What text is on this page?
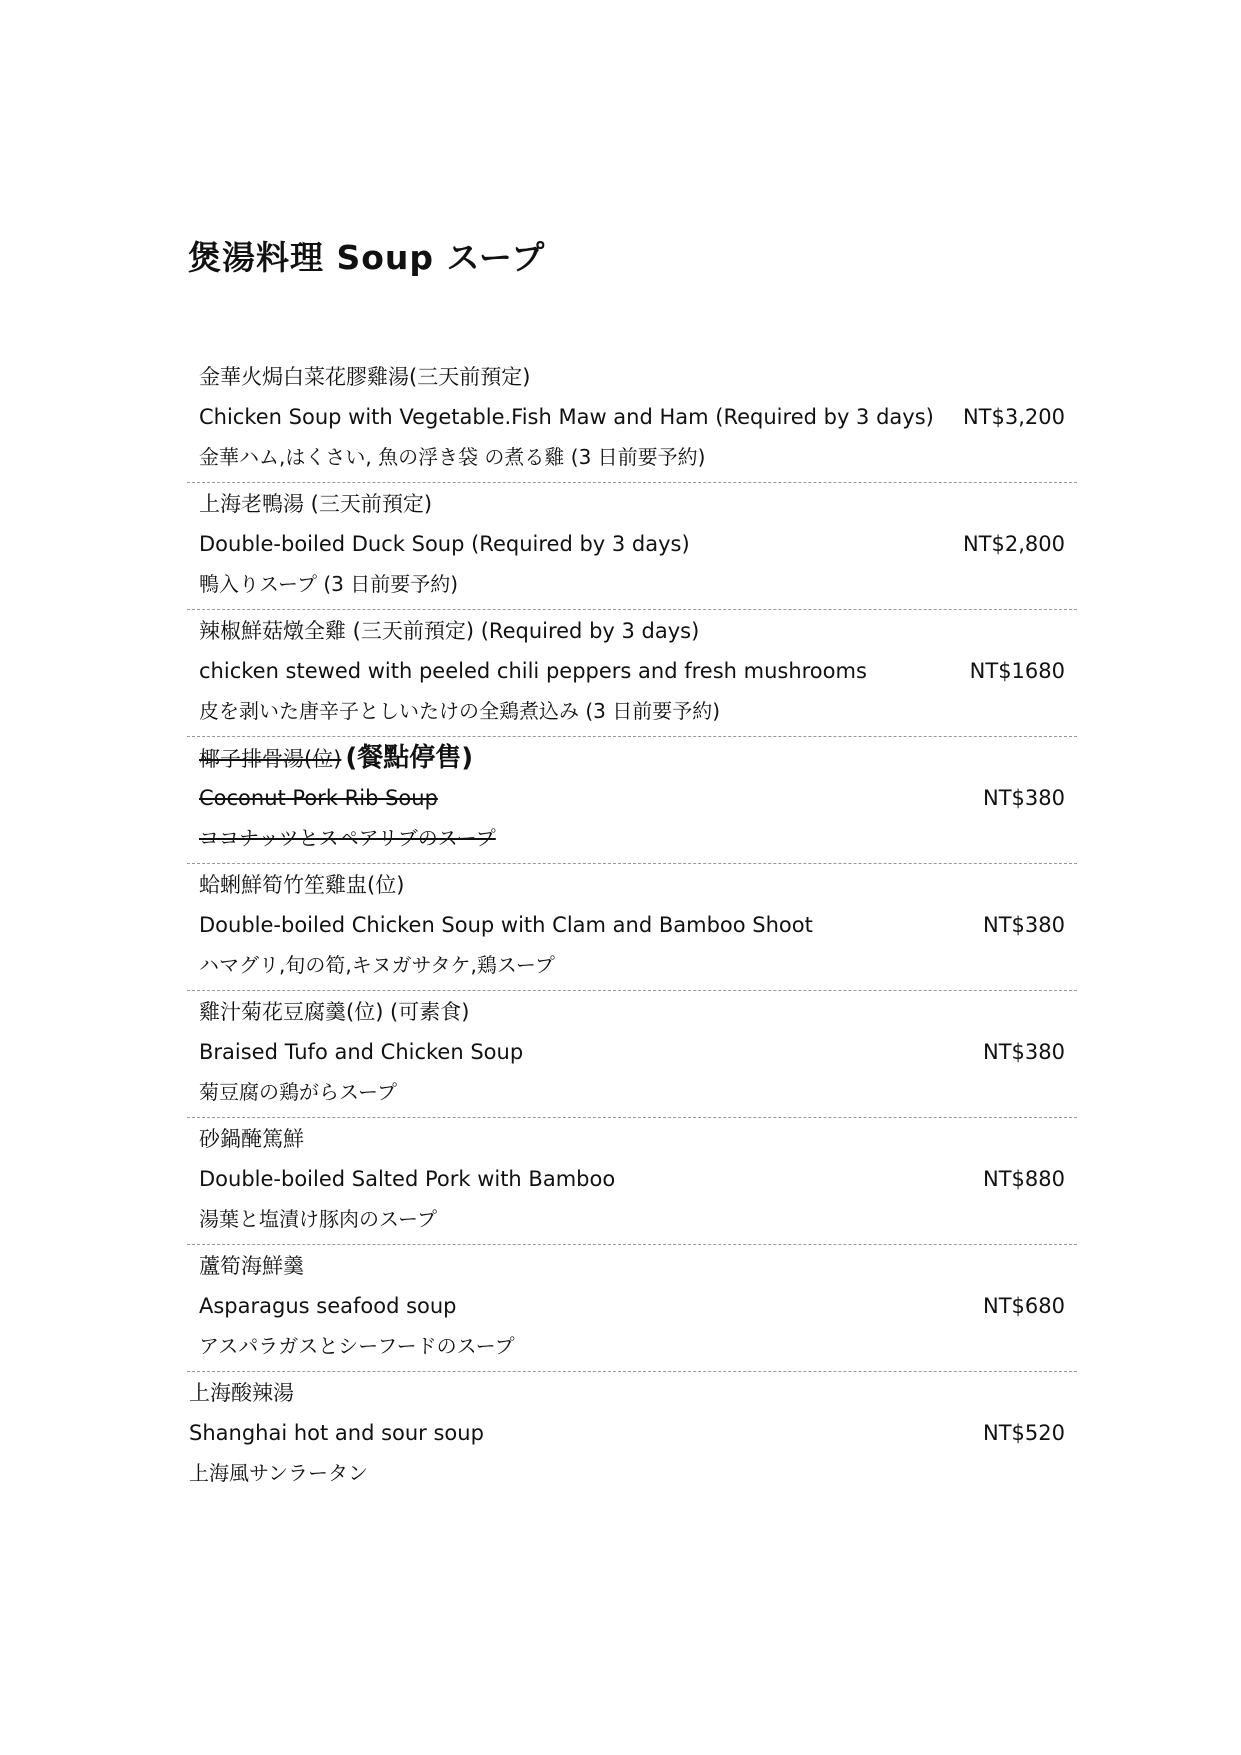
煲湯料理 Soup スープ
金華火焗白菜花膠雞湯(三天前預定)
Chicken Soup with Vegetable.Fish Maw and Ham (Required by 3 days) NT$3,200
金華ハム,はくさい, 魚の浮き袋 の煮る雞 (3 日前要予約)
上海老鴨湯 (三天前預定)
Double-boiled Duck Soup (Required by 3 days)	NT$2,800
鴨入りスープ (3 日前要予約)
辣椒鮮菇燉全雞 (三天前預定) (Required by 3 days)
chicken stewed with peeled chili peppers and fresh mushrooms	NT$1680
皮を剥いた唐辛子としいたけの全鶏煮込み (3 日前要予約)
椰子排骨湯(位) (餐點停售)
Coconut Pork Rib Soup	NT$380
ココナッツとスペアリブのスープ
蛤蜊鮮筍竹笙雞盅(位)
Double-boiled Chicken Soup with Clam and Bamboo Shoot	NT$380
ハマグリ,旬の筍,キヌガサタケ,鶏スープ
雞汁菊花豆腐羹(位) (可素食)
Braised Tufo and Chicken Soup	NT$380
菊豆腐の鶏がらスープ
砂鍋醃篤鮮
Double-boiled Salted Pork with Bamboo	NT$880
湯葉と塩漬け豚肉のスープ
蘆筍海鮮羹
Asparagus seafood soup	NT$680
アスパラガスとシーフードのスープ
上海酸辣湯
Shanghai hot and sour soup	NT$520
上海風サンラータン
